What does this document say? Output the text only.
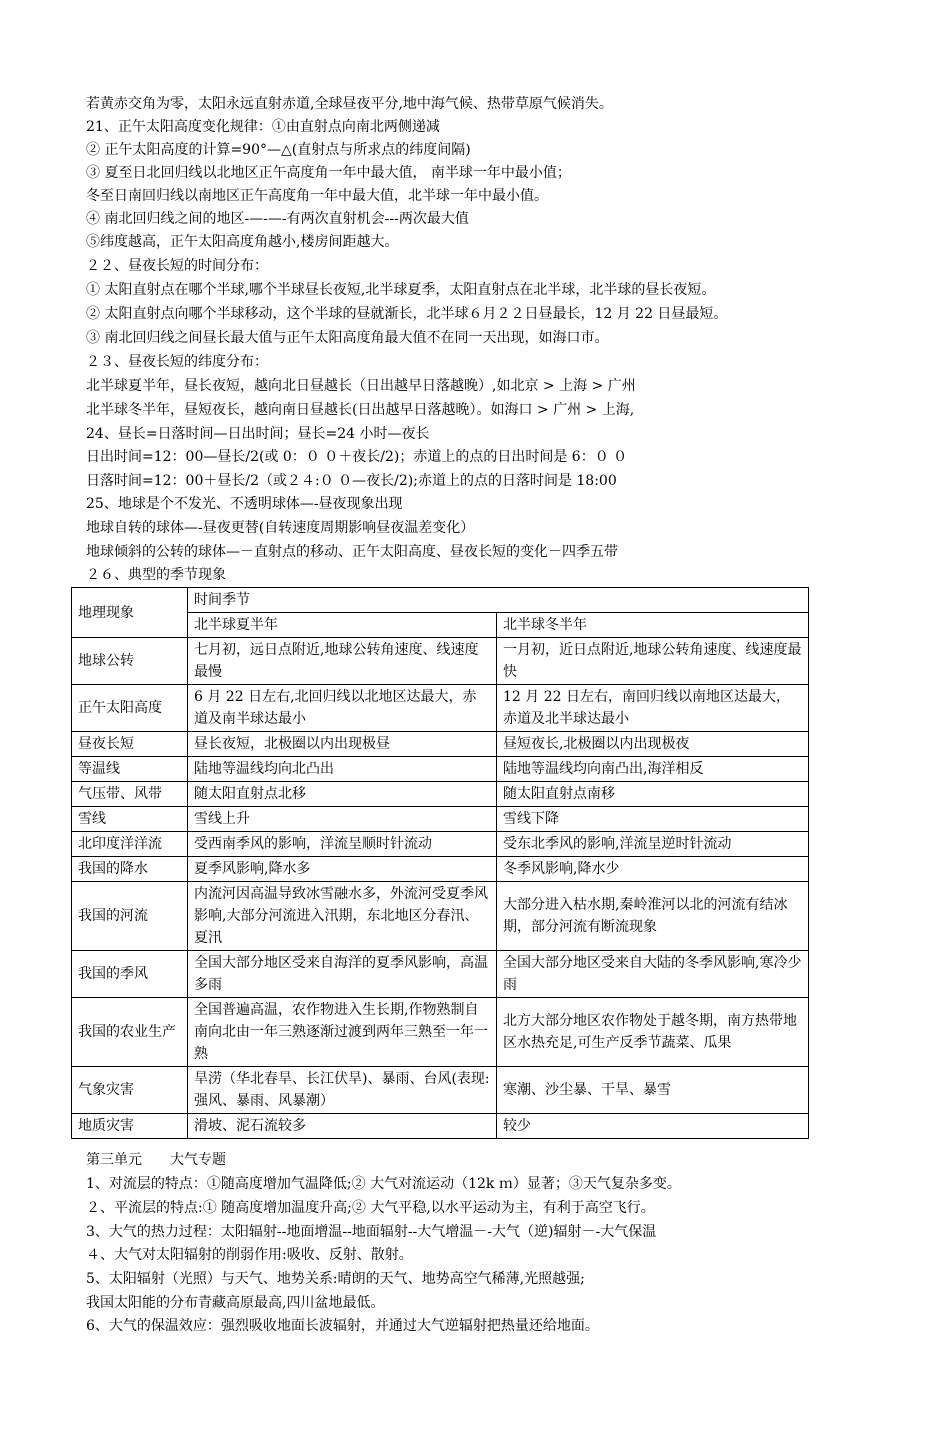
若黄赤交角为零，太阳永远直射赤道,全球昼夜平分,地中海气候、热带草原气候消失。
21、正午太阳高度变化规律：①由直射点向南北两侧递减
② 正午太阳高度的计算=90°—△(直射点与所求点的纬度间隔)
③ 夏至日北回归线以北地区正午高度角一年中最大值， 南半球一年中最小值；
冬至日南回归线以南地区正午高度角一年中最大值，北半球一年中最小值。
④ 南北回归线之间的地区-—-—-有两次直射机会---两次最大值
⑤纬度越高，正午太阳高度角越小,楼房间距越大。
２２、昼夜长短的时间分布：
① 太阳直射点在哪个半球,哪个半球昼长夜短,北半球夏季，太阳直射点在北半球，北半球的昼长夜短。
② 太阳直射点向哪个半球移动，这个半球的昼就渐长，北半球６月２２日昼最长，12 月 22 日昼最短。
③ 南北回归线之间昼长最大值与正午太阳高度角最大值不在同一天出现，如海口市。
２３、昼夜长短的纬度分布：
北半球夏半年，昼长夜短，越向北日昼越长（日出越早日落越晚）,如北京 > 上海 > 广州
北半球冬半年，昼短夜长，越向南日昼越长(日出越早日落越晚）。如海口 > 广州 > 上海,
24、昼长=日落时间—日出时间；昼长=24 小时—夜长
日出时间=12：00—昼长/2(或 0：０ ０＋夜长/2)；赤道上的点的日出时间是 6：０ ０
日落时间=12：00＋昼长/2（或２４:０ ０—夜长/2);赤道上的点的日落时间是 18:00
25、地球是个不发光、不透明球体—-昼夜现象出现
地球自转的球体—-昼夜更替(自转速度周期影响昼夜温差变化）
地球倾斜的公转的球体—－直射点的移动、正午太阳高度、昼夜长短的变化－四季五带
２６、典型的季节现象
地理现象	时间季节	
	北半球夏半年	北半球冬半年
地球公转	七月初，远日点附近,地球公转角速度、线速度最慢	一月初，近日点附近,地球公转角速度、线速度最快
正午太阳高度	6 月 22 日左右,北回归线以北地区达最大，赤道及南半球达最小	12 月 22 日左右，南回归线以南地区达最大，赤道及北半球达最小
昼夜长短	昼长夜短，北极圈以内出现极昼	昼短夜长,北极圈以内出现极夜
等温线	陆地等温线均向北凸出	陆地等温线均向南凸出,海洋相反
气压带、风带	随太阳直射点北移	随太阳直射点南移
雪线	雪线上升	雪线下降
北印度洋洋流	受西南季风的影响，洋流呈顺时针流动	受东北季风的影响,洋流呈逆时针流动
我国的降水	夏季风影响,降水多	冬季风影响,降水少
我国的河流	内流河因高温导致冰雪融水多，外流河受夏季风影响,大部分河流进入汛期，东北地区分春汛、夏汛	大部分进入枯水期,秦岭淮河以北的河流有结冰期，部分河流有断流现象
我国的季风	全国大部分地区受来自海洋的夏季风影响，高温多雨	全国大部分地区受来自大陆的冬季风影响,寒冷少雨
我国的农业生产	全国普遍高温，农作物进入生长期,作物熟制自南向北由一年三熟逐渐过渡到两年三熟至一年一熟	北方大部分地区农作物处于越冬期，南方热带地区水热充足,可生产反季节蔬菜、瓜果
气象灾害	旱涝（华北春旱、长江伏旱)、暴雨、台风(表现:强风、暴雨、风暴潮）	寒潮、沙尘暴、干旱、暴雪
地质灾害	滑坡、泥石流较多	较少
第三单元　　大气专题
1、对流层的特点：①随高度增加气温降低;② 大气对流运动（12k ｍ）显著；③天气复杂多变。
２、平流层的特点:① 随高度增加温度升高;② 大气平稳,以水平运动为主，有利于高空飞行。
3、大气的热力过程：太阳辐射--地面增温--地面辐射--大气增温－-大气（逆)辐射－-大气保温
４、大气对太阳辐射的削弱作用:吸收、反射、散射。
5、太阳辐射（光照）与天气、地势关系:晴朗的天气、地势高空气稀薄,光照越强;
我国太阳能的分布青藏高原最高,四川盆地最低。
6、大气的保温效应：强烈吸收地面长波辐射，并通过大气逆辐射把热量还给地面。
